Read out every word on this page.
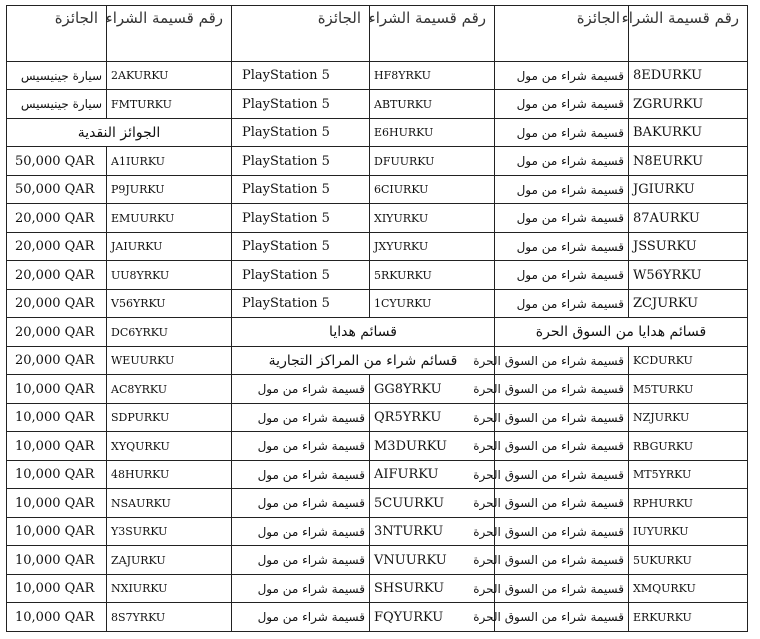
الجائزة	رقم قسيمة الشراء	الجائزة	رقم قسيمة الشراء	الجائزة	رقم قسيمة الشراء
سيارة جينيسيس	2AKURKU	PlayStation 5	HF8YRKU	قسيمة شراء من مول	8EDURKU
سيارة جينيسيس	FMTURKU	PlayStation 5	ABTURKU	قسيمة شراء من مول	ZGRURKU
الجوائز النقدية		PlayStation 5	E6HURKU	قسيمة شراء من مول	BAKURKU
50,000 QAR	A1IURKU	PlayStation 5	DFUURKU	قسيمة شراء من مول	N8EURKU
50,000 QAR	P9JURKU	PlayStation 5	6CIURKU	قسيمة شراء من مول	JGIURKU
20,000 QAR	EMUURKU	PlayStation 5	XIYURKU	قسيمة شراء من مول	87AURKU
20,000 QAR	JAIURKU	PlayStation 5	JXYURKU	قسيمة شراء من مول	JSSURKU
20,000 QAR	UU8YRKU	PlayStation 5	5RKURKU	قسيمة شراء من مول	W56YRKU
20,000 QAR	V56YRKU	PlayStation 5	1CYURKU	قسيمة شراء من مول	ZCJURKU
20,000 QAR	DC6YRKU	قسائم هدايا		قسائم هدايا من السوق الحرة	
20,000 QAR	WEUURKU	قسائم شراء من المراكز التجارية		قسيمة شراء من السوق الحرة	KCDURKU
10,000 QAR	AC8YRKU	قسيمة شراء من مول	GG8YRKU	قسيمة شراء من السوق الحرة	M5TURKU
10,000 QAR	SDPURKU	قسيمة شراء من مول	QR5YRKU	قسيمة شراء من السوق الحرة	NZJURKU
10,000 QAR	XYQURKU	قسيمة شراء من مول	M3DURKU	قسيمة شراء من السوق الحرة	RBGURKU
10,000 QAR	48HURKU	قسيمة شراء من مول	AIFURKU	قسيمة شراء من السوق الحرة	MT5YRKU
10,000 QAR	NSAURKU	قسيمة شراء من مول	5CUURKU	قسيمة شراء من السوق الحرة	RPHURKU
10,000 QAR	Y3SURKU	قسيمة شراء من مول	3NTURKU	قسيمة شراء من السوق الحرة	IUYURKU
10,000 QAR	ZAJURKU	قسيمة شراء من مول	VNUURKU	قسيمة شراء من السوق الحرة	5UKURKU
10,000 QAR	NXIURKU	قسيمة شراء من مول	SHSURKU	قسيمة شراء من السوق الحرة	XMQURKU
10,000 QAR	8S7YRKU	قسيمة شراء من مول	FQYURKU	قسيمة شراء من السوق الحرة	ERKURKU
